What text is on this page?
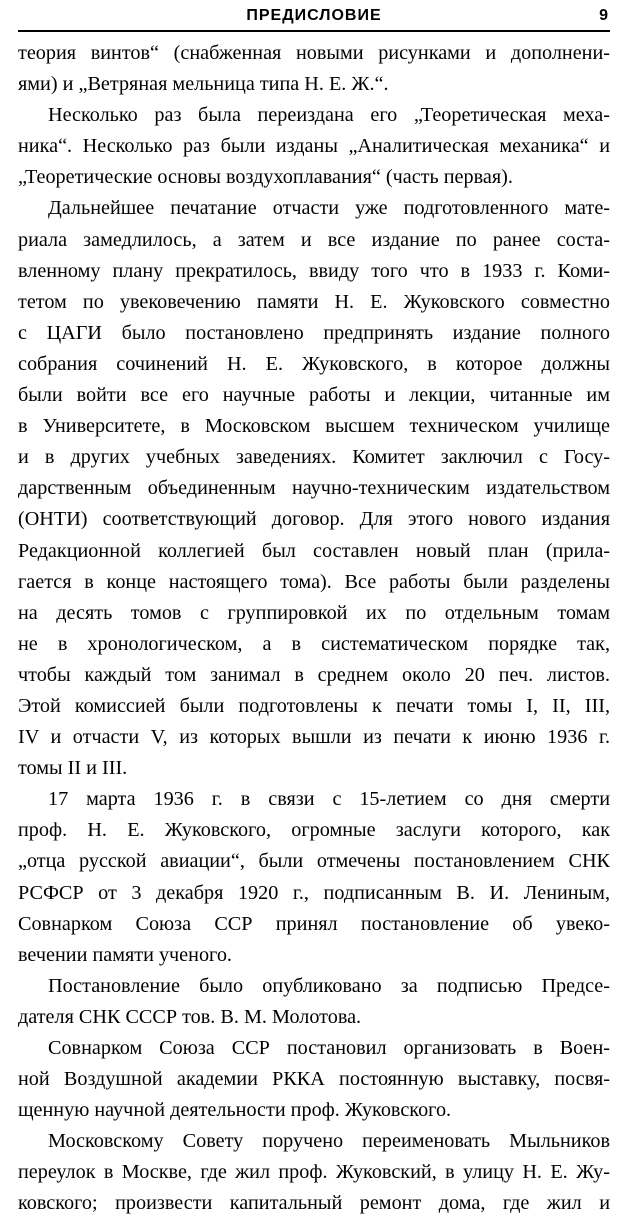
ПРЕДИСЛОВИЕ	9
теория винтов“ (снабженная новыми рисунками и дополнени-
ями) и „Ветряная мельница типа Н. Е. Ж.“.
Несколько раз была переиздана его „Теоретическая меха-
ника“. Несколько раз были изданы „Аналитическая механика“ и
„Теоретические основы воздухоплавания“ (часть первая).
Дальнейшее печатание отчасти уже подготовленного мате-
риала замедлилось, а затем и все издание по ранее соста-
вленному плану прекратилось, ввиду того что в 1933 г. Коми-
тетом по увековечению памяти Н. Е. Жуковского совместно
с ЦАГИ было постановлено предпринять издание полного
собрания сочинений Н. Е. Жуковского, в которое должны
были войти все его научные работы и лекции, читанные им
в Университете, в Московском высшем техническом училище
и в других учебных заведениях. Комитет заключил с Госу-
дарственным объединенным научно-техническим издательством
(ОНТИ) соответствующий договор. Для этого нового издания
Редакционной коллегией был составлен новый план (прила-
гается в конце настоящего тома). Все работы были разделены
на десять томов с группировкой их по отдельным томам
не в хронологическом, а в систематическом порядке так,
чтобы каждый том занимал в среднем около 20 печ. листов.
Этой комиссией были подготовлены к печати томы I, II, III,
IV и отчасти V, из которых вышли из печати к июню 1936 г.
томы II и III.
17 марта 1936 г. в связи с 15-летием со дня смерти
проф. Н. Е. Жуковского, огромные заслуги которого, как
„отца русской авиации“, были отмечены постановлением СНК
РСФСР от 3 декабря 1920 г., подписанным В. И. Лениным,
Совнарком Союза ССР принял постановление об увеко-
вечении памяти ученого.
Постановление было опубликовано за подписью Предсе-
дателя СНК СССР тов. В. М. Молотова.
Совнарком Союза ССР постановил организовать в Воен-
ной Воздушной академии РККА постоянную выставку, посвя-
щенную научной деятельности проф. Жуковского.
Московскому Совету поручено переименовать Мыльников
переулок в Москве, где жил проф. Жуковский, в улицу Н. Е. Жу-
ковского; произвести капитальный ремонт дома, где жил и
